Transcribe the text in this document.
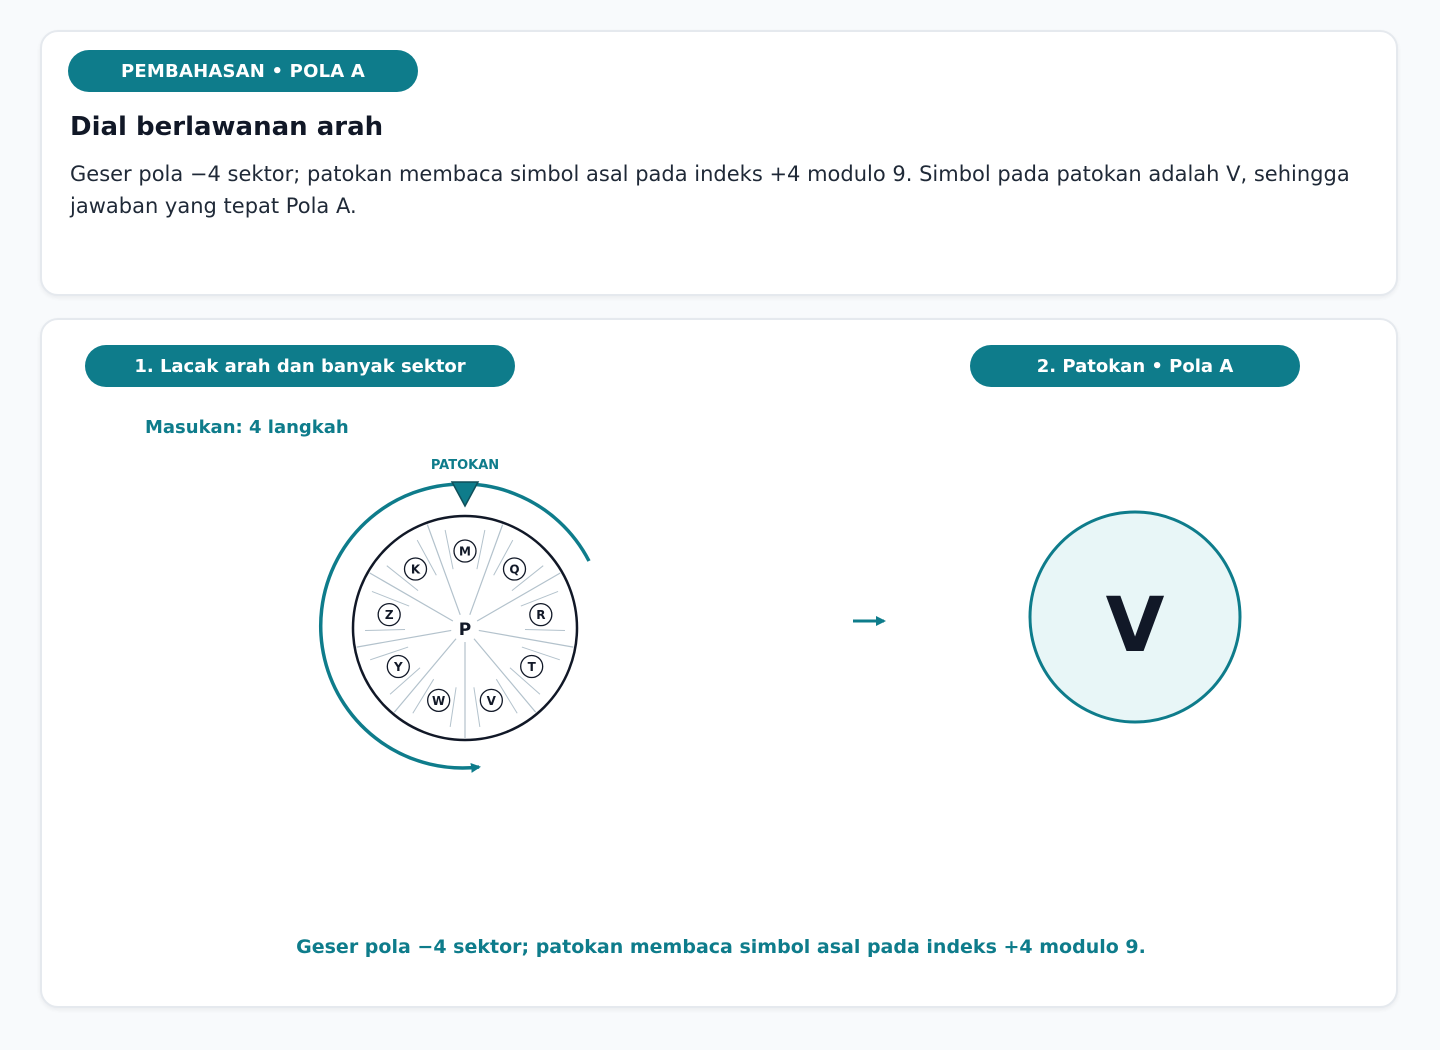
PEMBAHASAN • POLA A
Dial berlawanan arah
Geser pola −4 sektor; patokan membaca simbol asal pada indeks +4 modulo 9. Simbol pada patokan adalah V, sehingga jawaban yang tepat Pola A.
1. Lacak arah dan banyak sektor	2. Patokan • Pola A
Masukan: 4 langkah
M
Q
R
T
V
W
Y
Z
K
P
PATOKAN
V
Geser pola −4 sektor; patokan membaca simbol asal pada indeks +4 modulo 9.
